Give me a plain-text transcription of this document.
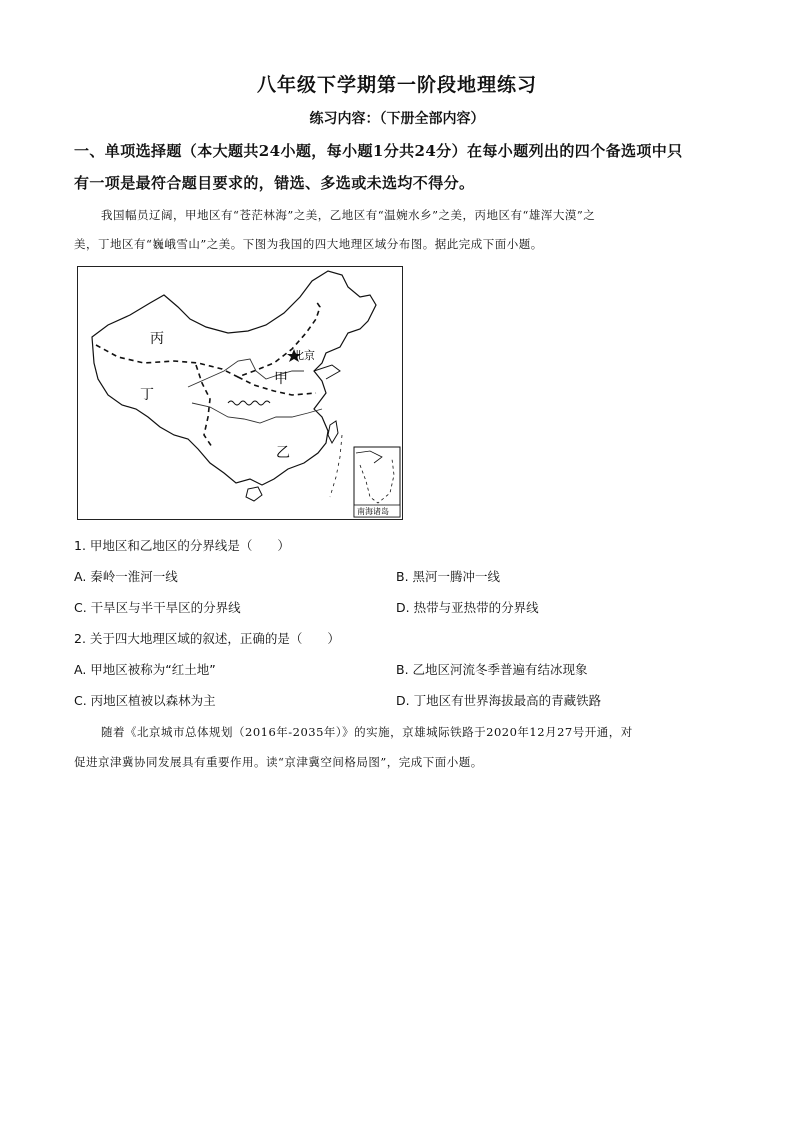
八年级下学期第一阶段地理练习
练习内容：（下册全部内容）
一、单项选择题（本大题共24小题，每小题1分共24分）在每小题列出的四个备选项中只
有一项是最符合题目要求的，错选、多选或未选均不得分。
我国幅员辽阔，甲地区有“苍茫林海”之美，乙地区有“温婉水乡”之美，丙地区有“雄浑大漠”之
美，丁地区有“巍峨雪山”之美。下图为我国的四大地理区域分布图。据此完成下面小题。
丙
丁
甲
乙
北京
南海诸岛
1. 甲地区和乙地区的分界线是（　　）
A. 秦岭一淮河一线	B. 黑河一腾冲一线
C. 干旱区与半干旱区的分界线	D. 热带与亚热带的分界线
2. 关于四大地理区域的叙述，正确的是（　　）
A. 甲地区被称为“红土地”	B. 乙地区河流冬季普遍有结冰现象
C. 丙地区植被以森林为主	D. 丁地区有世界海拔最高的青藏铁路
随着《北京城市总体规划（2016年-2035年）》的实施，京雄城际铁路于2020年12月27号开通，对
促进京津冀协同发展具有重要作用。读“京津冀空间格局图”，完成下面小题。
